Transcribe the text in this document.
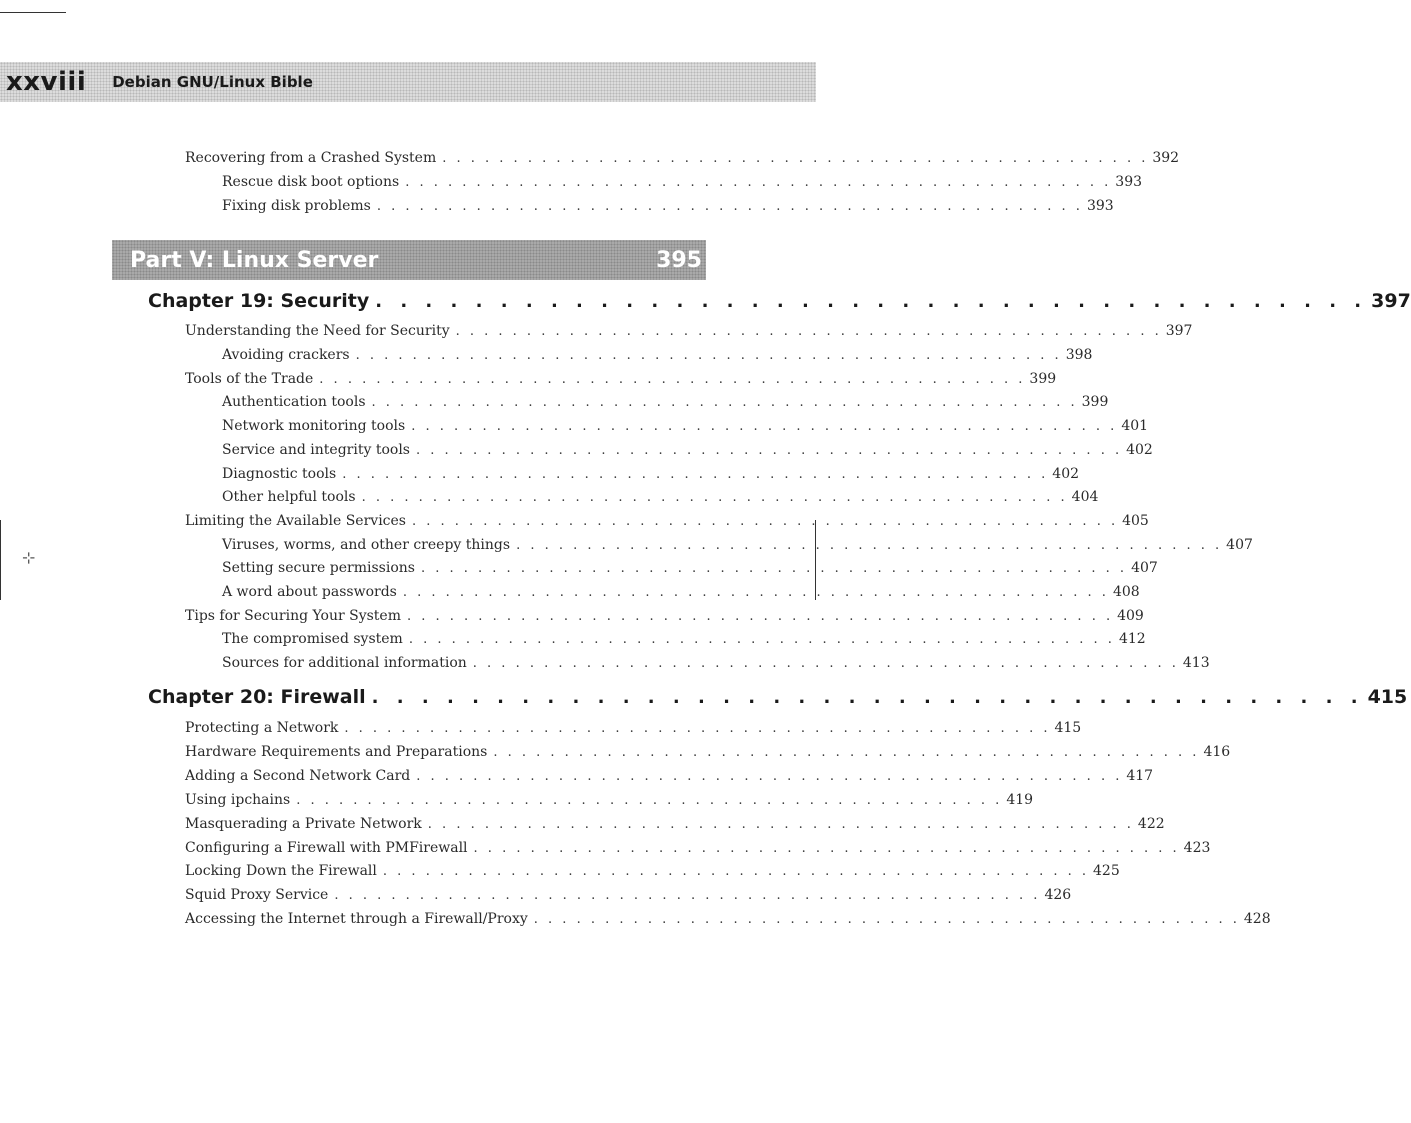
⊹
xxviii Debian GNU/Linux Bible
Recovering from a Crashed System . . . . . . . . . . . . . . . . . . . . . . . . . . . . . . . . . . . . . . . . . . . . . . . . . . 392
Rescue disk boot options . . . . . . . . . . . . . . . . . . . . . . . . . . . . . . . . . . . . . . . . . . . . . . . . . . 393
Fixing disk problems . . . . . . . . . . . . . . . . . . . . . . . . . . . . . . . . . . . . . . . . . . . . . . . . . . 393
Part V: Linux Server	395
Chapter 19: Security . . . . . . . . . . . . . . . . . . . . . . . . . . . . . . . . . . . . . . . . 397
Understanding the Need for Security . . . . . . . . . . . . . . . . . . . . . . . . . . . . . . . . . . . . . . . . . . . . . . . . . . 397
Avoiding crackers . . . . . . . . . . . . . . . . . . . . . . . . . . . . . . . . . . . . . . . . . . . . . . . . . . 398
Tools of the Trade . . . . . . . . . . . . . . . . . . . . . . . . . . . . . . . . . . . . . . . . . . . . . . . . . . 399
Authentication tools . . . . . . . . . . . . . . . . . . . . . . . . . . . . . . . . . . . . . . . . . . . . . . . . . . 399
Network monitoring tools . . . . . . . . . . . . . . . . . . . . . . . . . . . . . . . . . . . . . . . . . . . . . . . . . . 401
Service and integrity tools . . . . . . . . . . . . . . . . . . . . . . . . . . . . . . . . . . . . . . . . . . . . . . . . . . 402
Diagnostic tools . . . . . . . . . . . . . . . . . . . . . . . . . . . . . . . . . . . . . . . . . . . . . . . . . . 402
Other helpful tools . . . . . . . . . . . . . . . . . . . . . . . . . . . . . . . . . . . . . . . . . . . . . . . . . . 404
Limiting the Available Services . . . . . . . . . . . . . . . . . . . . . . . . . . . . . . . . . . . . . . . . . . . . . . . . . . 405
Viruses, worms, and other creepy things . . . . . . . . . . . . . . . . . . . . . . . . . . . . . . . . . . . . . . . . . . . . . . . . . . 407
Setting secure permissions . . . . . . . . . . . . . . . . . . . . . . . . . . . . . . . . . . . . . . . . . . . . . . . . . . 407
A word about passwords . . . . . . . . . . . . . . . . . . . . . . . . . . . . . . . . . . . . . . . . . . . . . . . . . . 408
Tips for Securing Your System . . . . . . . . . . . . . . . . . . . . . . . . . . . . . . . . . . . . . . . . . . . . . . . . . . 409
The compromised system . . . . . . . . . . . . . . . . . . . . . . . . . . . . . . . . . . . . . . . . . . . . . . . . . . 412
Sources for additional information . . . . . . . . . . . . . . . . . . . . . . . . . . . . . . . . . . . . . . . . . . . . . . . . . . 413
Chapter 20: Firewall . . . . . . . . . . . . . . . . . . . . . . . . . . . . . . . . . . . . . . . . 415
Protecting a Network . . . . . . . . . . . . . . . . . . . . . . . . . . . . . . . . . . . . . . . . . . . . . . . . . . 415
Hardware Requirements and Preparations . . . . . . . . . . . . . . . . . . . . . . . . . . . . . . . . . . . . . . . . . . . . . . . . . . 416
Adding a Second Network Card . . . . . . . . . . . . . . . . . . . . . . . . . . . . . . . . . . . . . . . . . . . . . . . . . . 417
Using ipchains . . . . . . . . . . . . . . . . . . . . . . . . . . . . . . . . . . . . . . . . . . . . . . . . . . 419
Masquerading a Private Network . . . . . . . . . . . . . . . . . . . . . . . . . . . . . . . . . . . . . . . . . . . . . . . . . . 422
Configuring a Firewall with PMFirewall . . . . . . . . . . . . . . . . . . . . . . . . . . . . . . . . . . . . . . . . . . . . . . . . . . 423
Locking Down the Firewall . . . . . . . . . . . . . . . . . . . . . . . . . . . . . . . . . . . . . . . . . . . . . . . . . . 425
Squid Proxy Service . . . . . . . . . . . . . . . . . . . . . . . . . . . . . . . . . . . . . . . . . . . . . . . . . . 426
Accessing the Internet through a Firewall/Proxy . . . . . . . . . . . . . . . . . . . . . . . . . . . . . . . . . . . . . . . . . . . . . . . . . . 428
